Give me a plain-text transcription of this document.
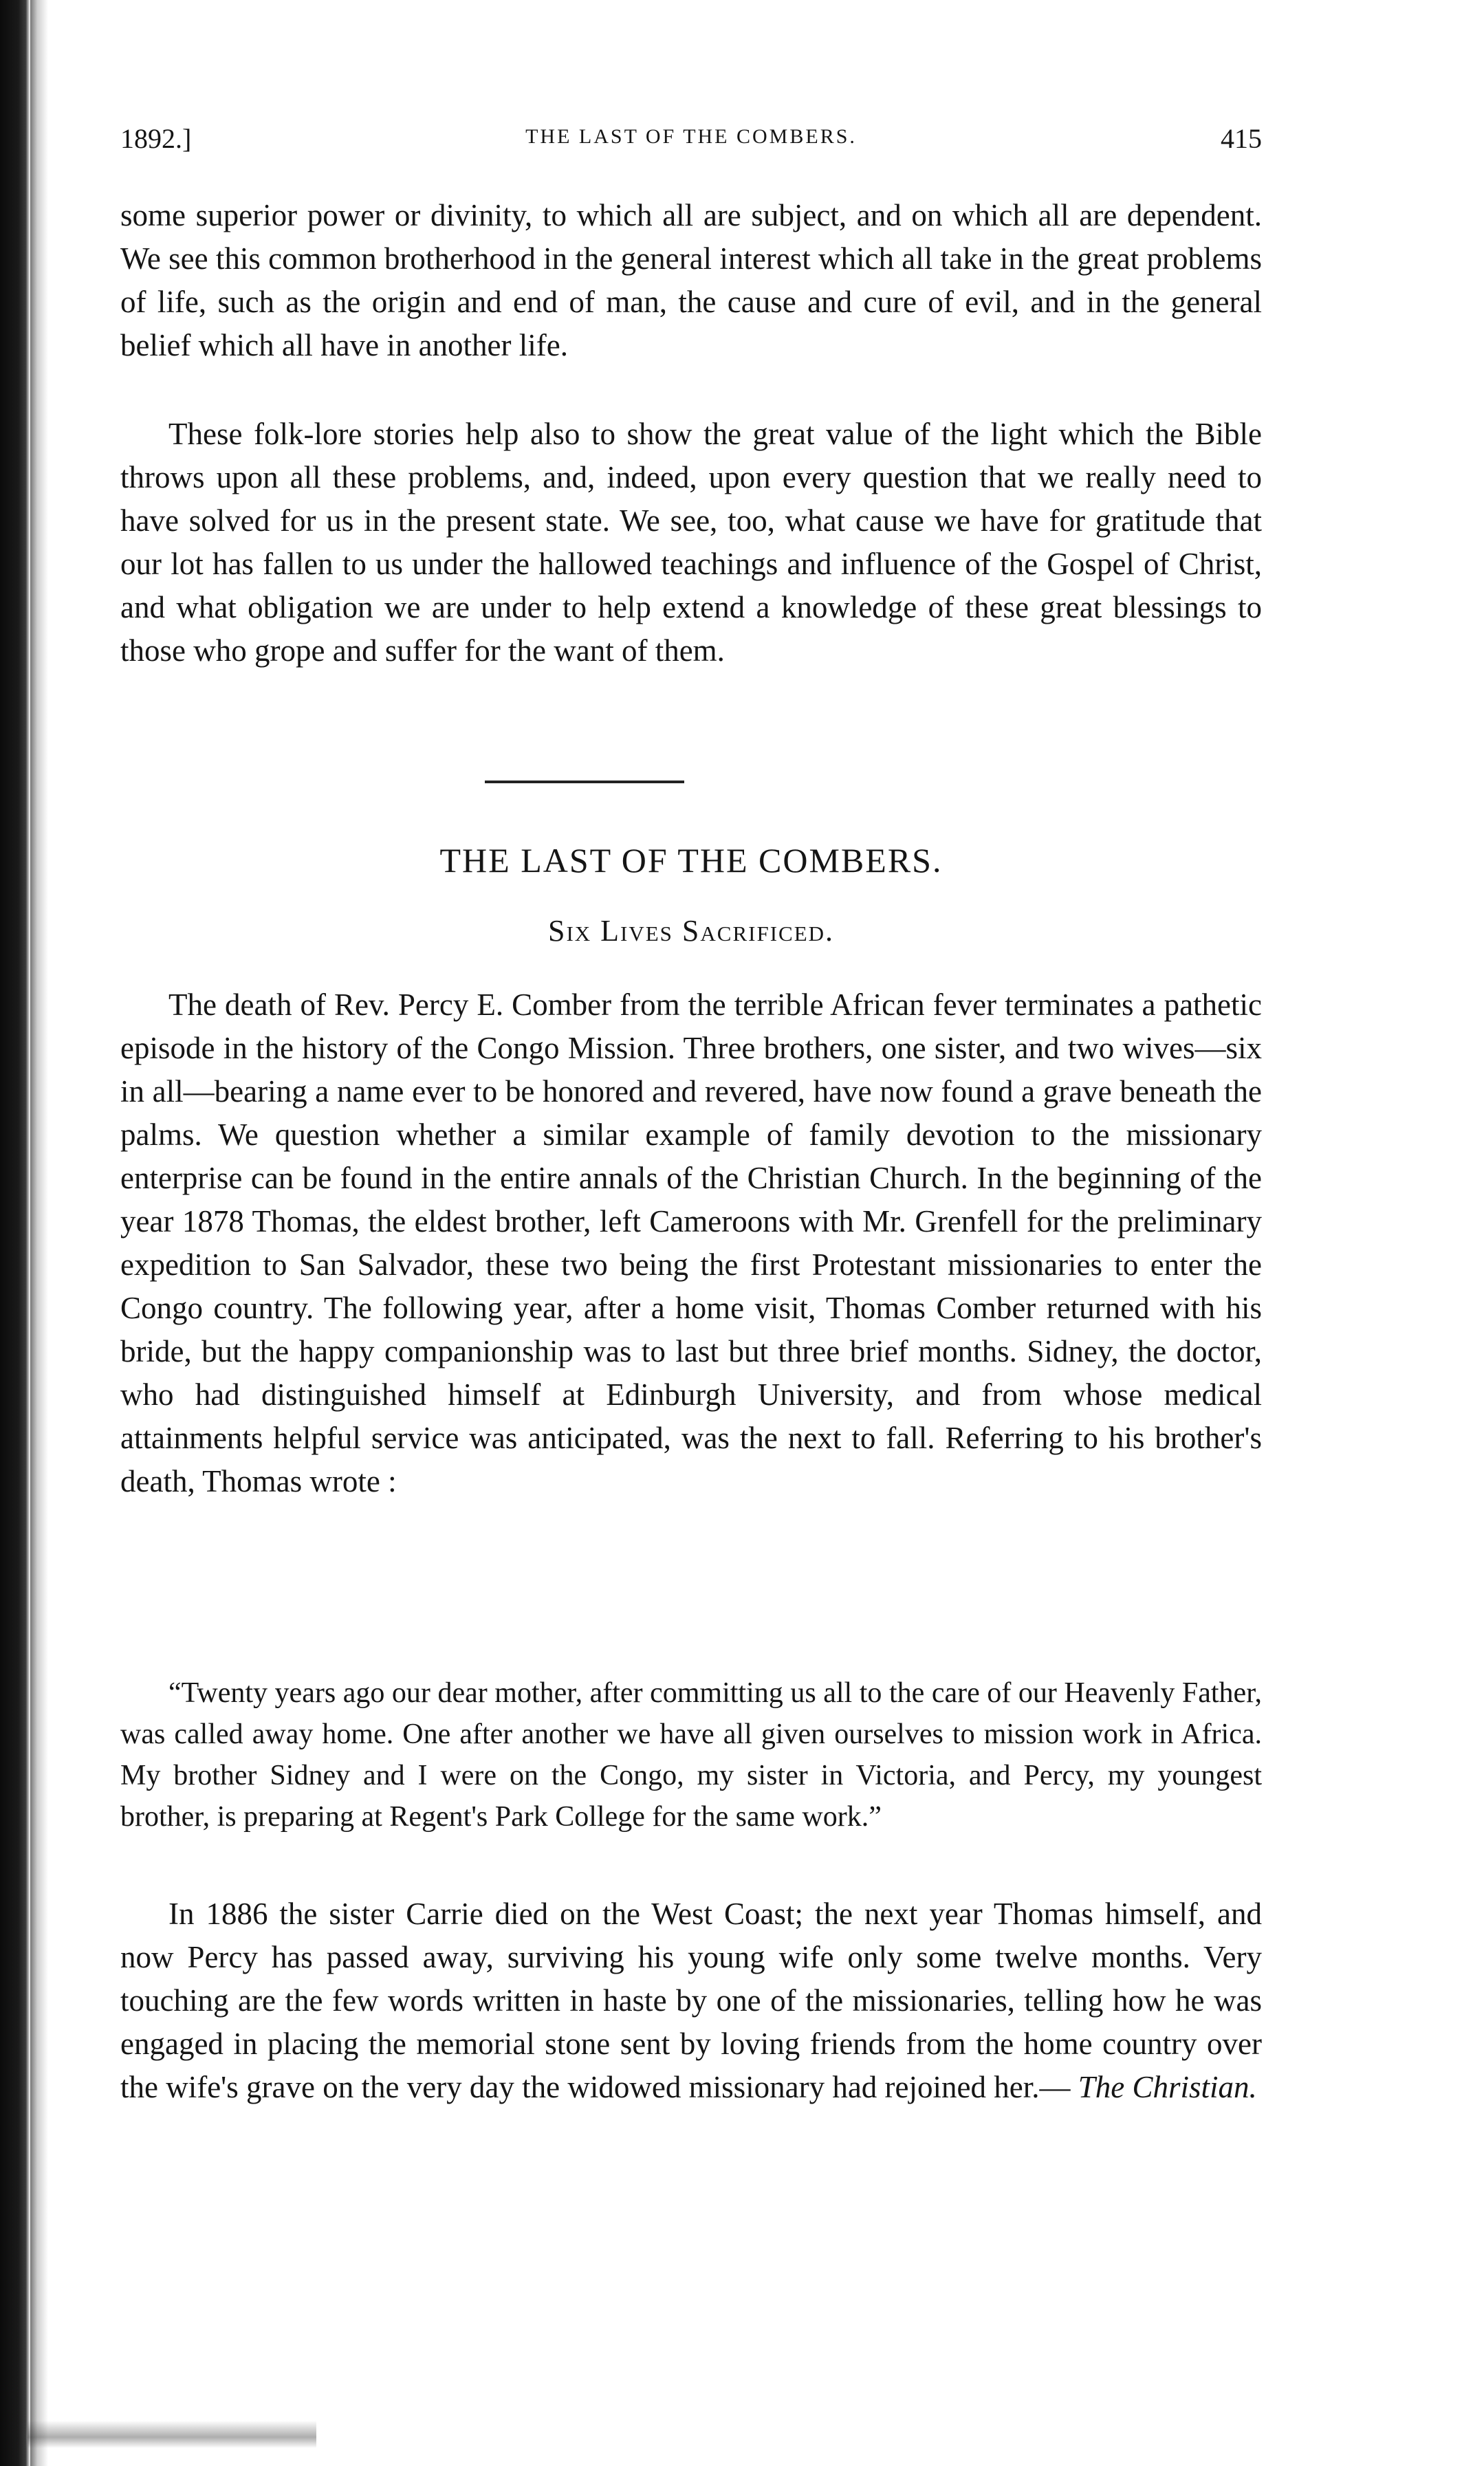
1892.]	THE LAST OF THE COMBERS.	415

some superior power or divinity, to which all are subject, and on which all are dependent. We see this common brotherhood in the general interest which all take in the great problems of life, such as the origin and end of man, the cause and cure of evil, and in the general belief which all have in another life.

These folk-lore stories help also to show the great value of the light which the Bible throws upon all these problems, and, indeed, upon every question that we really need to have solved for us in the present state. We see, too, what cause we have for gratitude that our lot has fallen to us under the hallowed teachings and influence of the Gospel of Christ, and what obligation we are under to help extend a knowledge of these great blessings to those who grope and suffer for the want of them.

THE LAST OF THE COMBERS.
Six Lives Sacrificed.

The death of Rev. Percy E. Comber from the terrible African fever terminates a pathetic episode in the history of the Congo Mission. Three brothers, one sister, and two wives—six in all—bearing a name ever to be honored and revered, have now found a grave beneath the palms. We question whether a similar example of family devotion to the missionary enterprise can be found in the entire annals of the Christian Church. In the beginning of the year 1878 Thomas, the eldest brother, left Cameroons with Mr. Grenfell for the preliminary expedition to San Salvador, these two being the first Protestant missionaries to enter the Congo country. The following year, after a home visit, Thomas Comber returned with his bride, but the happy companionship was to last but three brief months. Sidney, the doctor, who had distinguished himself at Edinburgh University, and from whose medical attainments helpful service was anticipated, was the next to fall. Referring to his brother's death, Thomas wrote :

“Twenty years ago our dear mother, after committing us all to the care of our Heavenly Father, was called away home. One after another we have all given ourselves to mission work in Africa. My brother Sidney and I were on the Congo, my sister in Victoria, and Percy, my youngest brother, is preparing at Regent's Park College for the same work.”

In 1886 the sister Carrie died on the West Coast; the next year Thomas himself, and now Percy has passed away, surviving his young wife only some twelve months. Very touching are the few words written in haste by one of the missionaries, telling how he was engaged in placing the memorial stone sent by loving friends from the home country over the wife's grave on the very day the widowed missionary had rejoined her.— The Christian.
